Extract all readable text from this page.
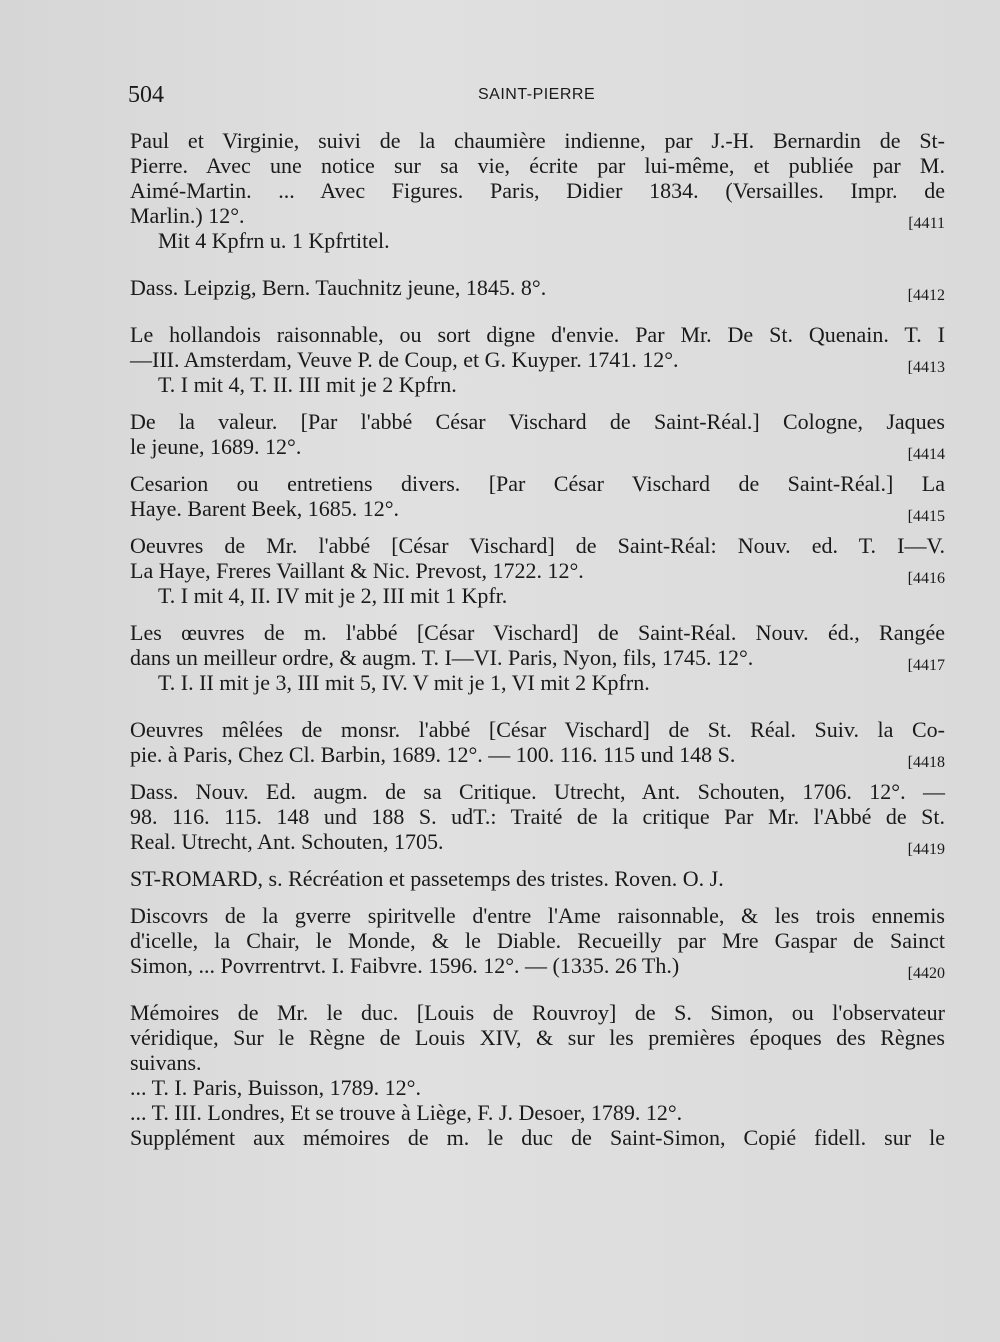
504	SAINT-PIERRE
Paul et Virginie, suivi de la chaumière indienne, par J.-H. Bernardin de St-
Pierre. Avec une notice sur sa vie, écrite par lui-même, et publiée par M.
Aimé-Martin. ... Avec Figures. Paris, Didier 1834. (Versailles. Impr. de
Marlin.) 12°.	[4411
Mit 4 Kpfrn u. 1 Kpfrtitel.
Dass. Leipzig, Bern. Tauchnitz jeune, 1845. 8°.	[4412
Le hollandois raisonnable, ou sort digne d'envie. Par Mr. De St. Quenain. T. I
—III. Amsterdam, Veuve P. de Coup, et G. Kuyper. 1741. 12°.	[4413
T. I mit 4, T. II. III mit je 2 Kpfrn.
De la valeur. [Par l'abbé César Vischard de Saint-Réal.] Cologne, Jaques
le jeune, 1689. 12°.	[4414
Cesarion ou entretiens divers. [Par César Vischard de Saint-Réal.] La
Haye. Barent Beek, 1685. 12°.	[4415
Oeuvres de Mr. l'abbé [César Vischard] de Saint-Réal: Nouv. ed. T. I—V.
La Haye, Freres Vaillant & Nic. Prevost, 1722. 12°.	[4416
T. I mit 4, II. IV mit je 2, III mit 1 Kpfr.
Les œuvres de m. l'abbé [César Vischard] de Saint-Réal. Nouv. éd., Rangée
dans un meilleur ordre, & augm. T. I—VI. Paris, Nyon, fils, 1745. 12°.	[4417
T. I. II mit je 3, III mit 5, IV. V mit je 1, VI mit 2 Kpfrn.
Oeuvres mêlées de monsr. l'abbé [César Vischard] de St. Réal. Suiv. la Co-
pie. à Paris, Chez Cl. Barbin, 1689. 12°. — 100. 116. 115 und 148 S.	[4418
Dass. Nouv. Ed. augm. de sa Critique. Utrecht, Ant. Schouten, 1706. 12°. —
98. 116. 115. 148 und 188 S. udT.: Traité de la critique Par Mr. l'Abbé de St.
Real. Utrecht, Ant. Schouten, 1705.	[4419
ST-ROMARD, s. Récréation et passetemps des tristes. Roven. O. J.
Discovrs de la gverre spiritvelle d'entre l'Ame raisonnable, & les trois ennemis
d'icelle, la Chair, le Monde, & le Diable. Recueilly par Mre Gaspar de Sainct
Simon, ... Povrrentrvt. I. Faibvre. 1596. 12°. — (1335. 26 Th.)	[4420
Mémoires de Mr. le duc. [Louis de Rouvroy] de S. Simon, ou l'observateur
véridique, Sur le Règne de Louis XIV, & sur les premières époques des Règnes
suivans.
... T. I. Paris, Buisson, 1789. 12°.
... T. III. Londres, Et se trouve à Liège, F. J. Desoer, 1789. 12°.
Supplément aux mémoires de m. le duc de Saint-Simon, Copié fidell. sur le
